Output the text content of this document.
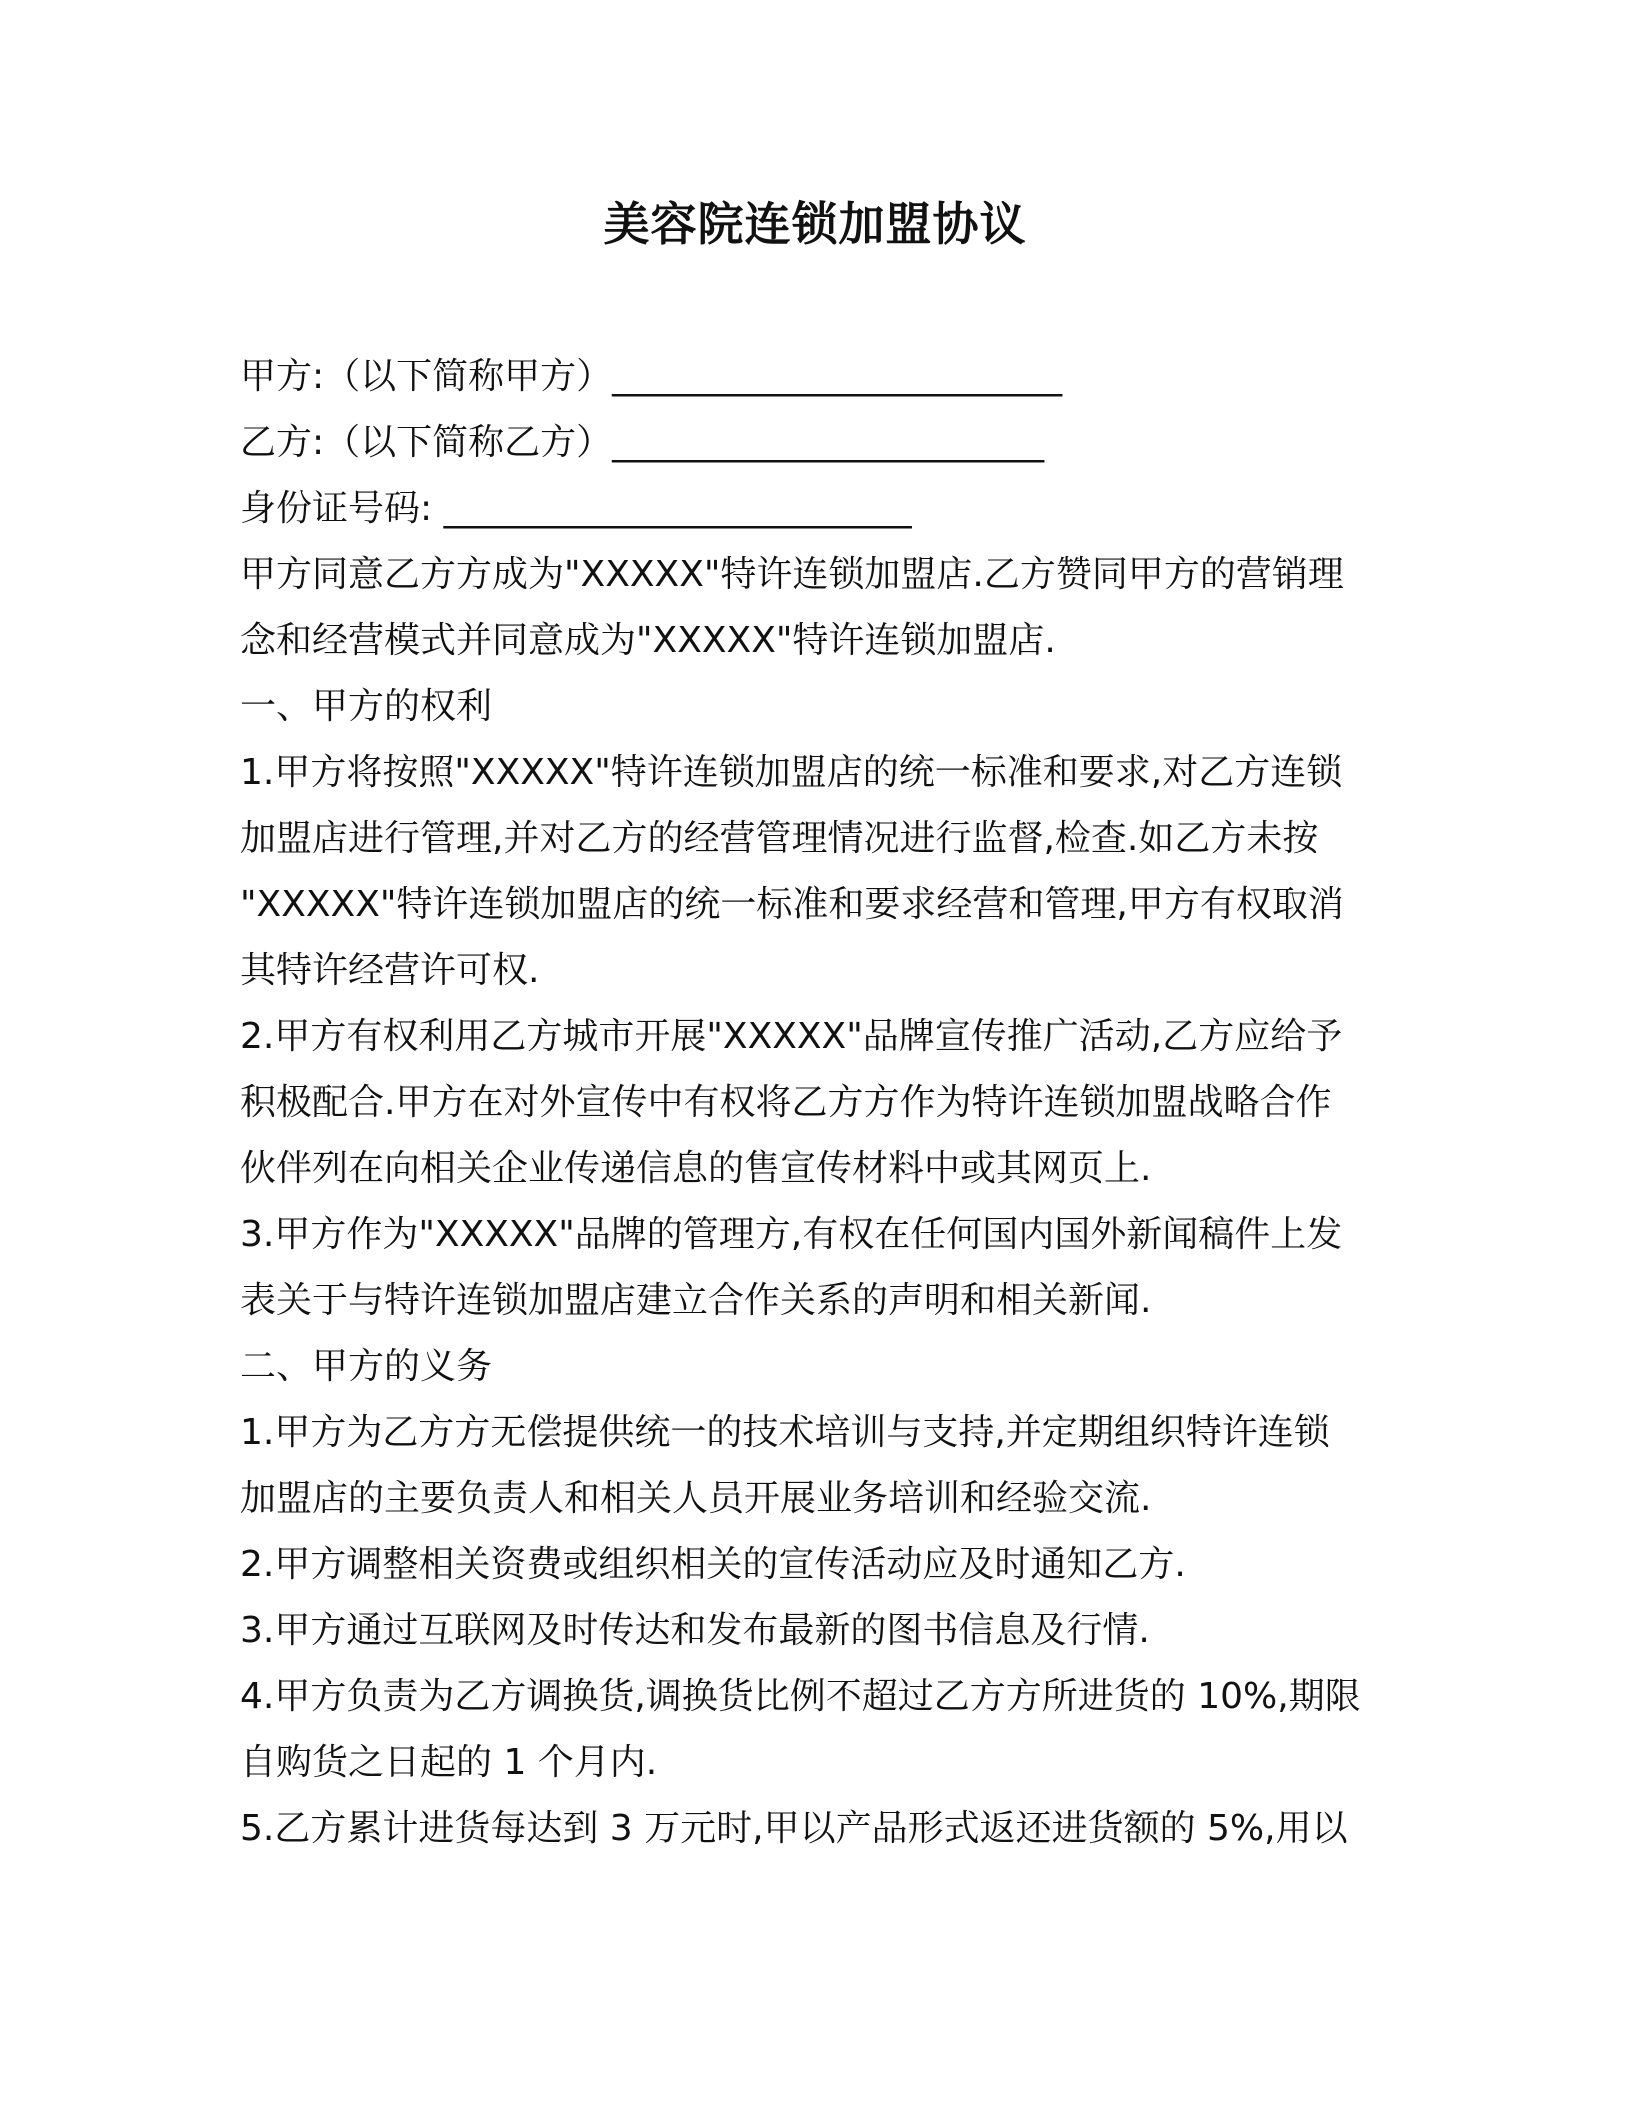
美容院连锁加盟协议
甲方:（以下简称甲方）_________________________
乙方:（以下简称乙方）________________________
身份证号码: __________________________
甲方同意乙方方成为"XXXXX"特许连锁加盟店.乙方赞同甲方的营销理
念和经营模式并同意成为"XXXXX"特许连锁加盟店.
一、甲方的权利
1.甲方将按照"XXXXX"特许连锁加盟店的统一标准和要求,对乙方连锁
加盟店进行管理,并对乙方的经营管理情况进行监督,检查.如乙方未按
"XXXXX"特许连锁加盟店的统一标准和要求经营和管理,甲方有权取消
其特许经营许可权.
2.甲方有权利用乙方城市开展"XXXXX"品牌宣传推广活动,乙方应给予
积极配合.甲方在对外宣传中有权将乙方方作为特许连锁加盟战略合作
伙伴列在向相关企业传递信息的售宣传材料中或其网页上.
3.甲方作为"XXXXX"品牌的管理方,有权在任何国内国外新闻稿件上发
表关于与特许连锁加盟店建立合作关系的声明和相关新闻.
二、甲方的义务
1.甲方为乙方方无偿提供统一的技术培训与支持,并定期组织特许连锁
加盟店的主要负责人和相关人员开展业务培训和经验交流.
2.甲方调整相关资费或组织相关的宣传活动应及时通知乙方.
3.甲方通过互联网及时传达和发布最新的图书信息及行情.
4.甲方负责为乙方调换货,调换货比例不超过乙方方所进货的 10%,期限
自购货之日起的 1 个月内.
5.乙方累计进货每达到 3 万元时,甲以产品形式返还进货额的 5%,用以
